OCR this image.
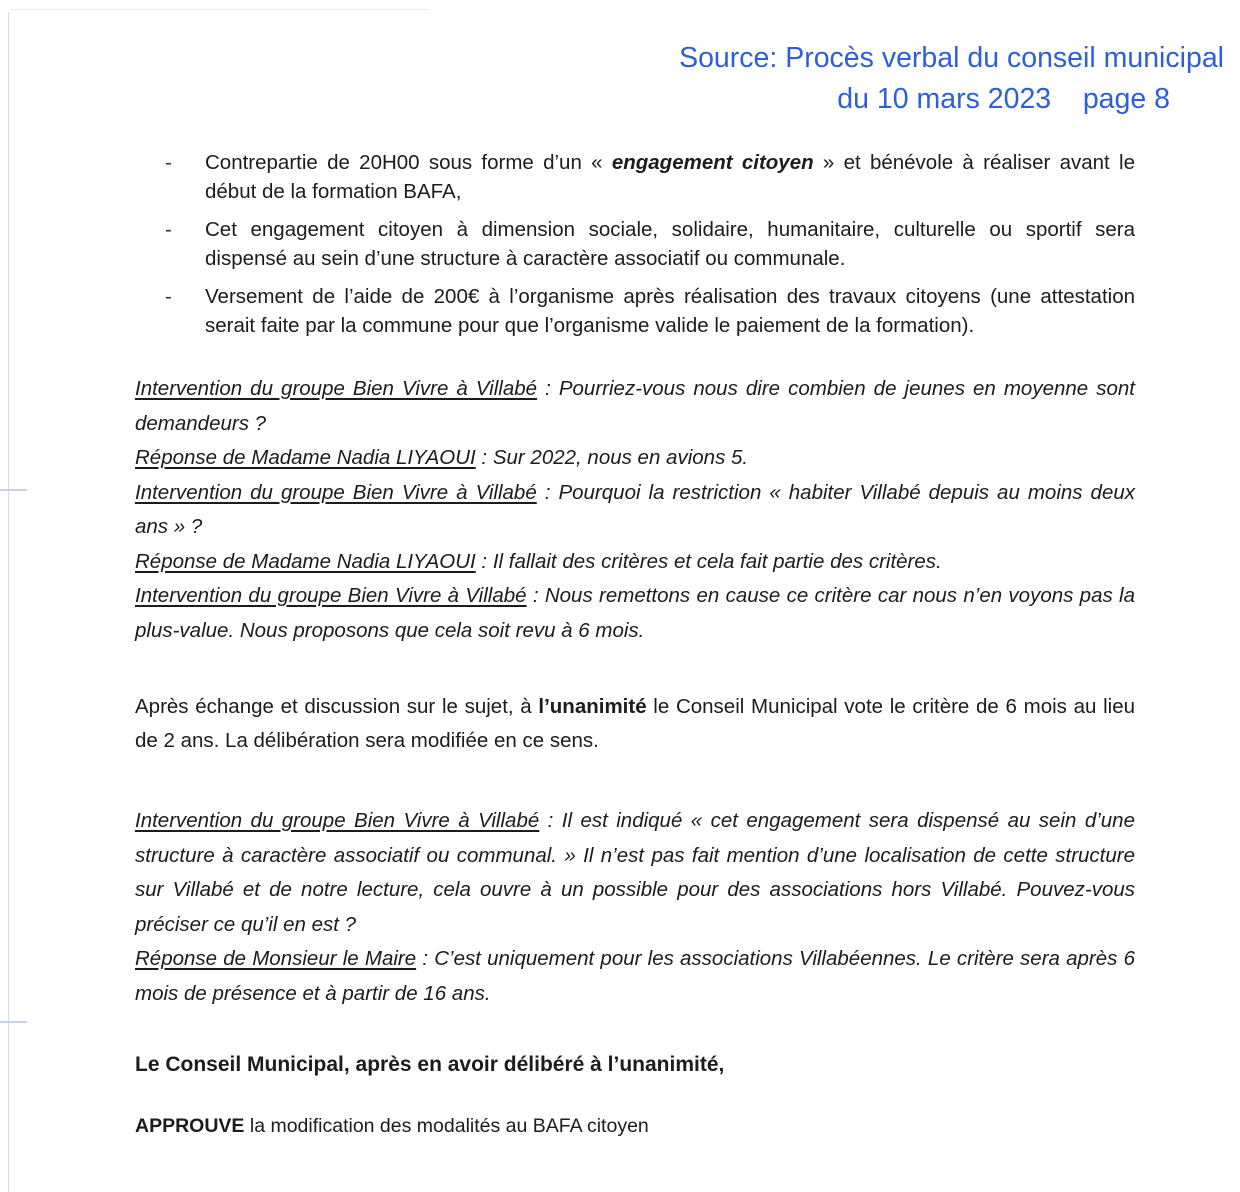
Source: Procès verbal du conseil municipal
du 10 mars 2023    page 8
-	Contrepartie de 20H00 sous forme d’un « engagement citoyen » et bénévole à réaliser avant le début de la formation BAFA,
-	Cet engagement citoyen à dimension sociale, solidaire, humanitaire, culturelle ou sportif sera dispensé au sein d’une structure à caractère associatif ou communale.
-	Versement de l’aide de 200€ à l’organisme après réalisation des travaux citoyens (une attestation serait faite par la commune pour que l’organisme valide le paiement de la formation).

Intervention du groupe Bien Vivre à Villabé : Pourriez-vous nous dire combien de jeunes en moyenne sont demandeurs ?

Réponse de Madame Nadia LIYAOUI : Sur 2022, nous en avions 5.

Intervention du groupe Bien Vivre à Villabé : Pourquoi la restriction « habiter Villabé depuis au moins deux ans » ?

Réponse de Madame Nadia LIYAOUI : Il fallait des critères et cela fait partie des critères.

Intervention du groupe Bien Vivre à Villabé : Nous remettons en cause ce critère car nous n’en voyons pas la plus-value. Nous proposons que cela soit revu à 6 mois.

Après échange et discussion sur le sujet, à l’unanimité le Conseil Municipal vote le critère de 6 mois au lieu de 2 ans. La délibération sera modifiée en ce sens.

Intervention du groupe Bien Vivre à Villabé : Il est indiqué « cet engagement sera dispensé au sein d’une structure à caractère associatif ou communal. » Il n’est pas fait mention d’une localisation de cette structure sur Villabé et de notre lecture, cela ouvre à un possible pour des associations hors Villabé. Pouvez-vous préciser ce qu’il en est ?

Réponse de Monsieur le Maire : C’est uniquement pour les associations Villabéennes. Le critère sera après 6 mois de présence et à partir de 16 ans.

Le Conseil Municipal, après en avoir délibéré à l’unanimité,

APPROUVE la modification des modalités au BAFA citoyen
